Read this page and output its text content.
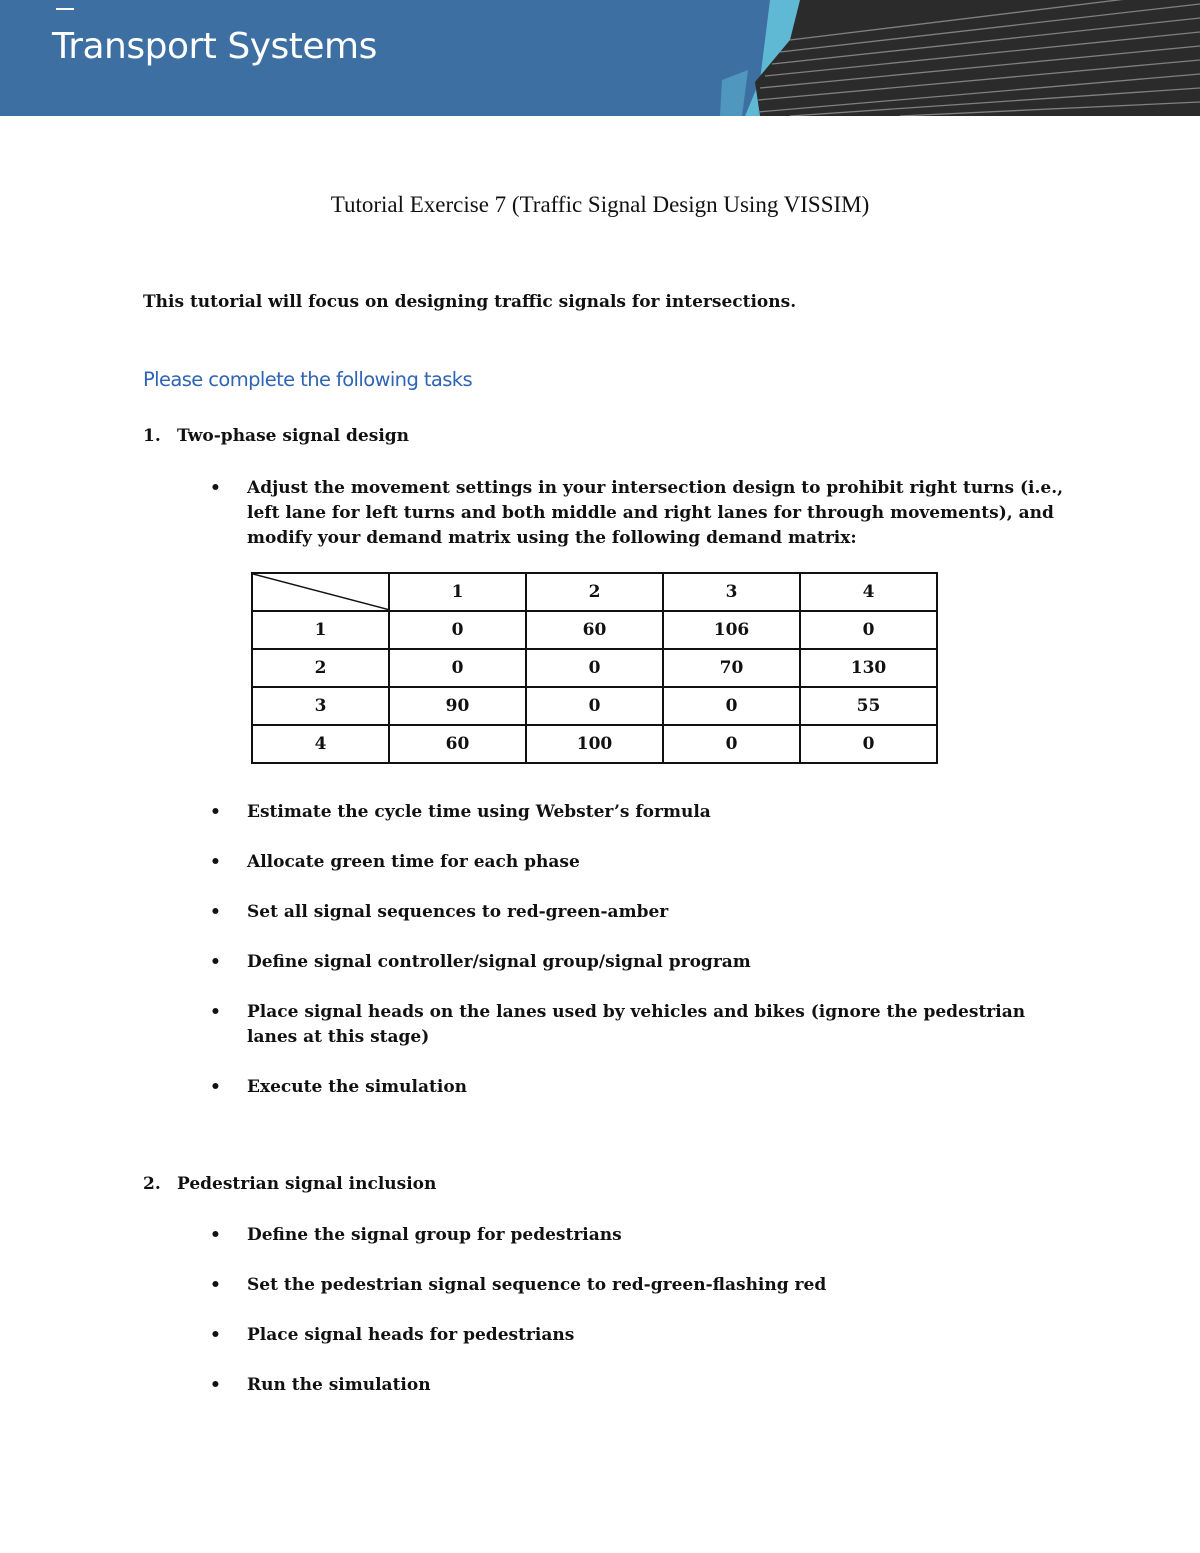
Transport Systems
Tutorial Exercise 7 (Traffic Signal Design Using VISSIM)
This tutorial will focus on designing traffic signals for intersections.
Please complete the following tasks
1. Two-phase signal design
•	Adjust the movement settings in your intersection design to prohibit right turns (i.e., left lane for left turns and both middle and right lanes for through movements), and modify your demand matrix using the following demand matrix:
	1	2	3	4
1	0	60	106	0
2	0	0	70	130
3	90	0	0	55
4	60	100	0	0
•	Estimate the cycle time using Webster’s formula
•	Allocate green time for each phase
•	Set all signal sequences to red-green-amber
•	Define signal controller/signal group/signal program
•	Place signal heads on the lanes used by vehicles and bikes (ignore the pedestrian lanes at this stage)
•	Execute the simulation
2. Pedestrian signal inclusion
•	Define the signal group for pedestrians
•	Set the pedestrian signal sequence to red-green-flashing red
•	Place signal heads for pedestrians
•	Run the simulation
